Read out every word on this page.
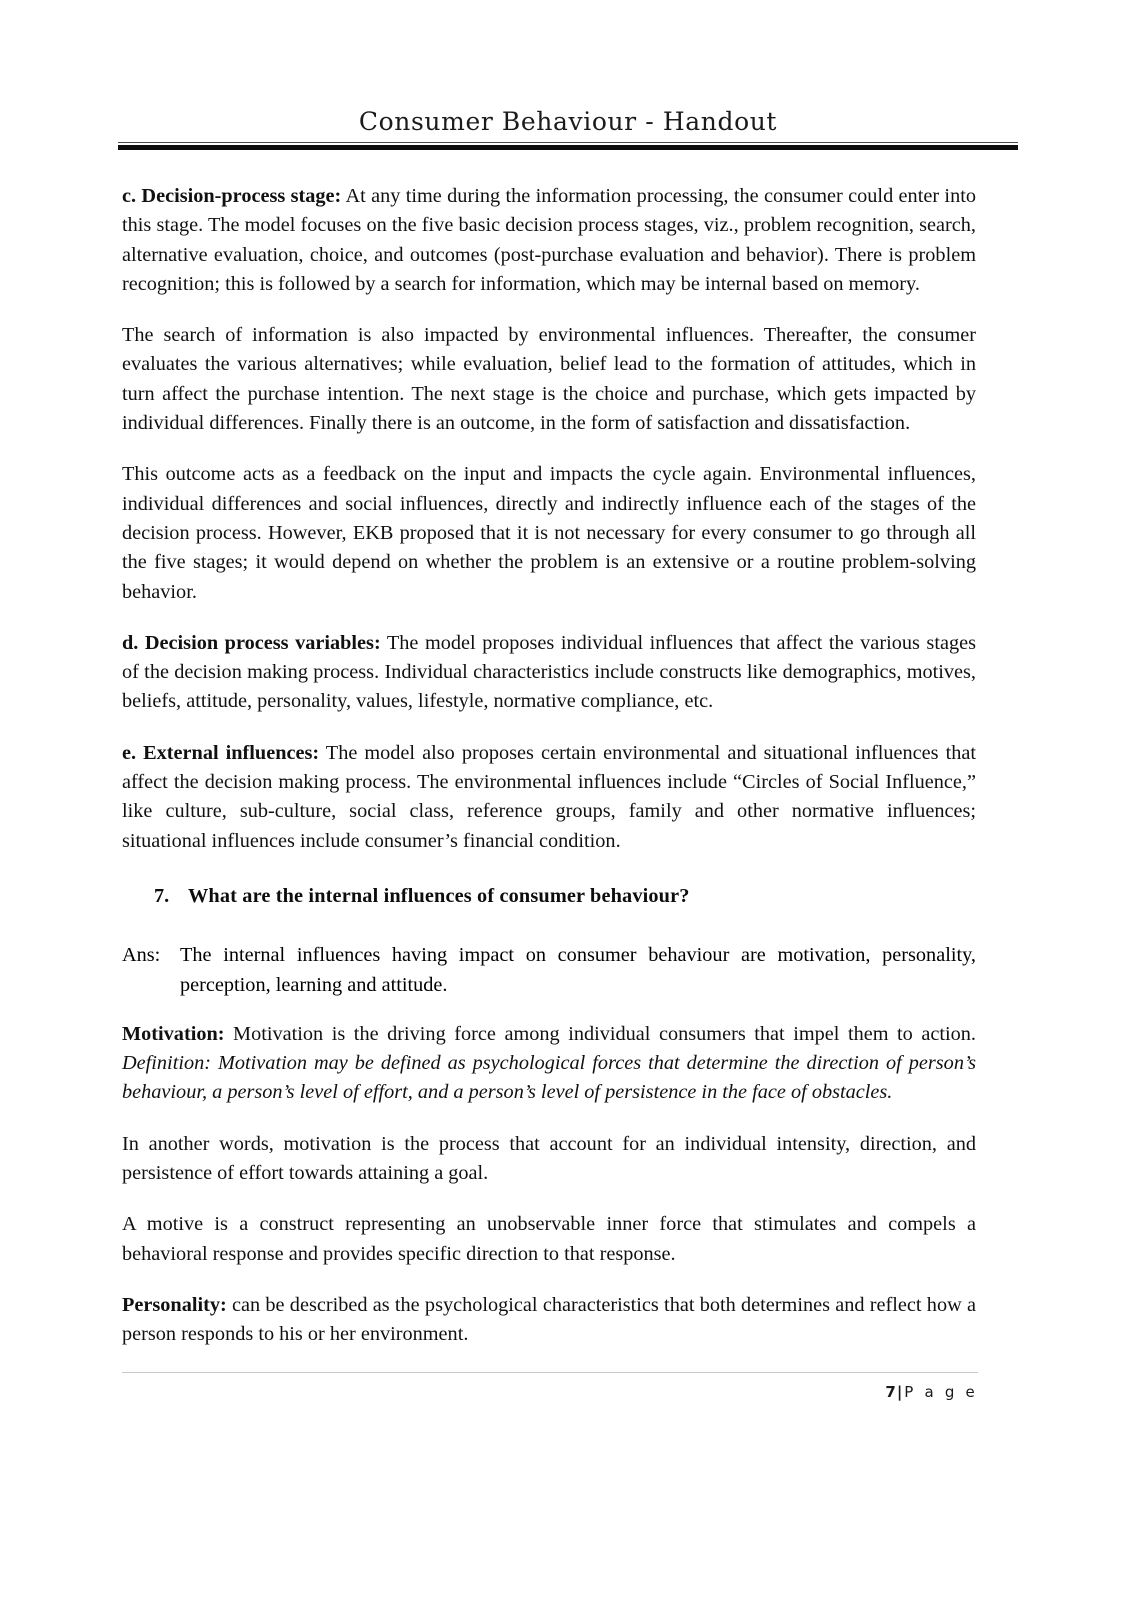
Consumer Behaviour - Handout

c. Decision-process stage: At any time during the information processing, the consumer could enter into this stage. The model focuses on the five basic decision process stages, viz., problem recognition, search, alternative evaluation, choice, and outcomes (post-purchase evaluation and behavior). There is problem recognition; this is followed by a search for information, which may be internal based on memory.

The search of information is also impacted by environmental influences. Thereafter, the consumer evaluates the various alternatives; while evaluation, belief lead to the formation of attitudes, which in turn affect the purchase intention. The next stage is the choice and purchase, which gets impacted by individual differences. Finally there is an outcome, in the form of satisfaction and dissatisfaction.

This outcome acts as a feedback on the input and impacts the cycle again. Environmental influences, individual differences and social influences, directly and indirectly influence each of the stages of the decision process. However, EKB proposed that it is not necessary for every consumer to go through all the five stages; it would depend on whether the problem is an extensive or a routine problem-solving behavior.

d. Decision process variables: The model proposes individual influences that affect the various stages of the decision making process. Individual characteristics include constructs like demographics, motives, beliefs, attitude, personality, values, lifestyle, normative compliance, etc.

e. External influences: The model also proposes certain environmental and situational influences that affect the decision making process. The environmental influences include “Circles of Social Influence,” like culture, sub-culture, social class, reference groups, family and other normative influences; situational influences include consumer’s financial condition.

7. What are the internal influences of consumer behaviour?
Ans: The internal influences having impact on consumer behaviour are motivation, personality, perception, learning and attitude.

Motivation: Motivation is the driving force among individual consumers that impel them to action. Definition: Motivation may be defined as psychological forces that determine the direction of person’s behaviour, a person’s level of effort, and a person’s level of persistence in the face of obstacles.

In another words, motivation is the process that account for an individual intensity, direction, and persistence of effort towards attaining a goal.

A motive is a construct representing an unobservable inner force that stimulates and compels a behavioral response and provides specific direction to that response.

Personality: can be described as the psychological characteristics that both determines and reflect how a person responds to his or her environment.

7|P a g e
